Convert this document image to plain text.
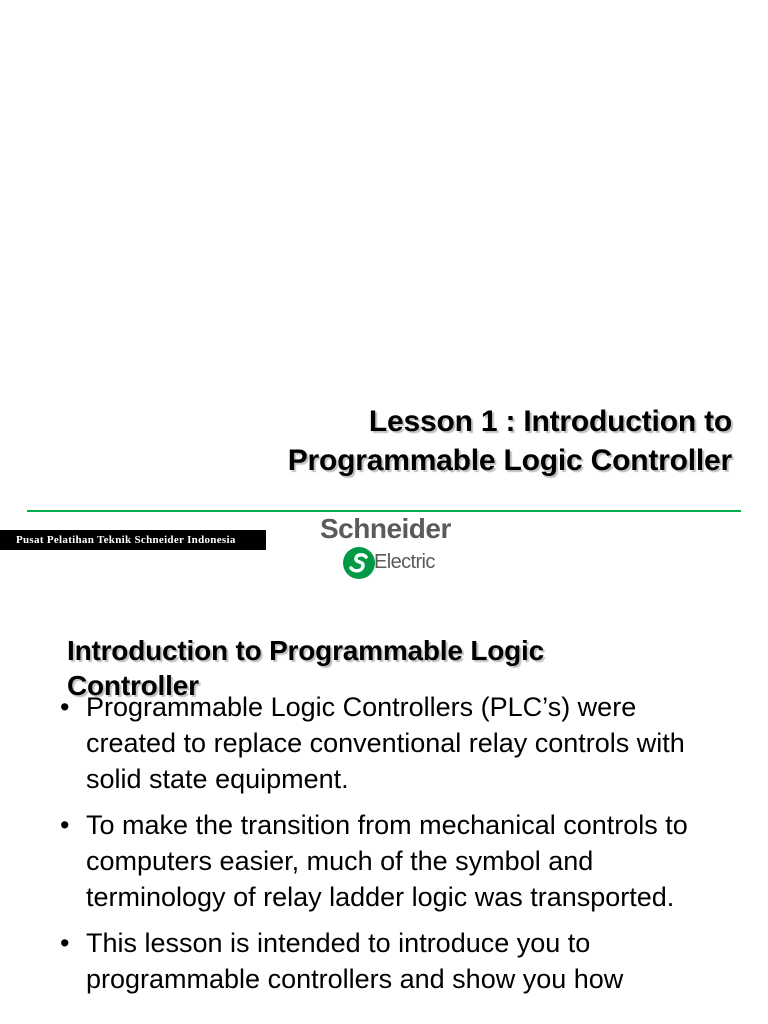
Lesson 1 : Introduction to
Programmable Logic Controller
Pusat Pelatihan Teknik Schneider Indonesia	Schneider
Electric
Introduction to Programmable Logic
Controller
• Programmable Logic Controllers (PLC’s) were created to replace conventional relay controls with solid state equipment.
• To make the transition from mechanical controls to computers easier, much of the symbol and terminology of relay ladder logic was transported.
• This lesson is intended to introduce you to programmable controllers and show you how
